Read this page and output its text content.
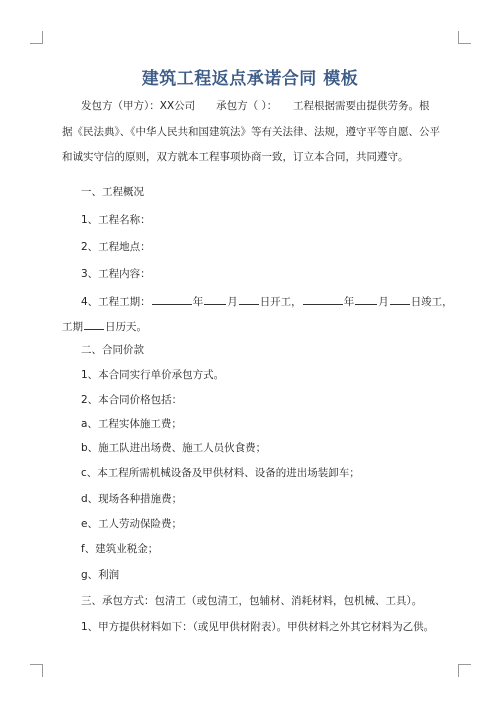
建筑工程返点承诺合同 模板
发包方（甲方）：XX公司　　承包方（ ）：　　工程根据需要由提供劳务。根
据《民法典》、《中华人民共和国建筑法》等有关法律、法规，遵守平等自愿、公平
和诚实守信的原则，双方就本工程事项协商一致，订立本合同，共同遵守。
一、工程概况
1、工程名称：
2、工程地点：
3、工程内容：
4、工程工期：	年 月 日开工，	年 月 日竣工，
工期 日历天。
二、合同价款
1、本合同实行单价承包方式。
2、本合同价格包括：
a、工程实体施工费；
b、施工队进出场费、施工人员伙食费；
c、本工程所需机械设备及甲供材料、设备的进出场装卸车；
d、现场各种措施费；
e、工人劳动保险费；
f、建筑业税金；
g、利润
三、承包方式：包清工（或包清工，包辅材、消耗材料，包机械、工具）。
1、甲方提供材料如下：（或见甲供材附表）。甲供材料之外其它材料为乙供。
